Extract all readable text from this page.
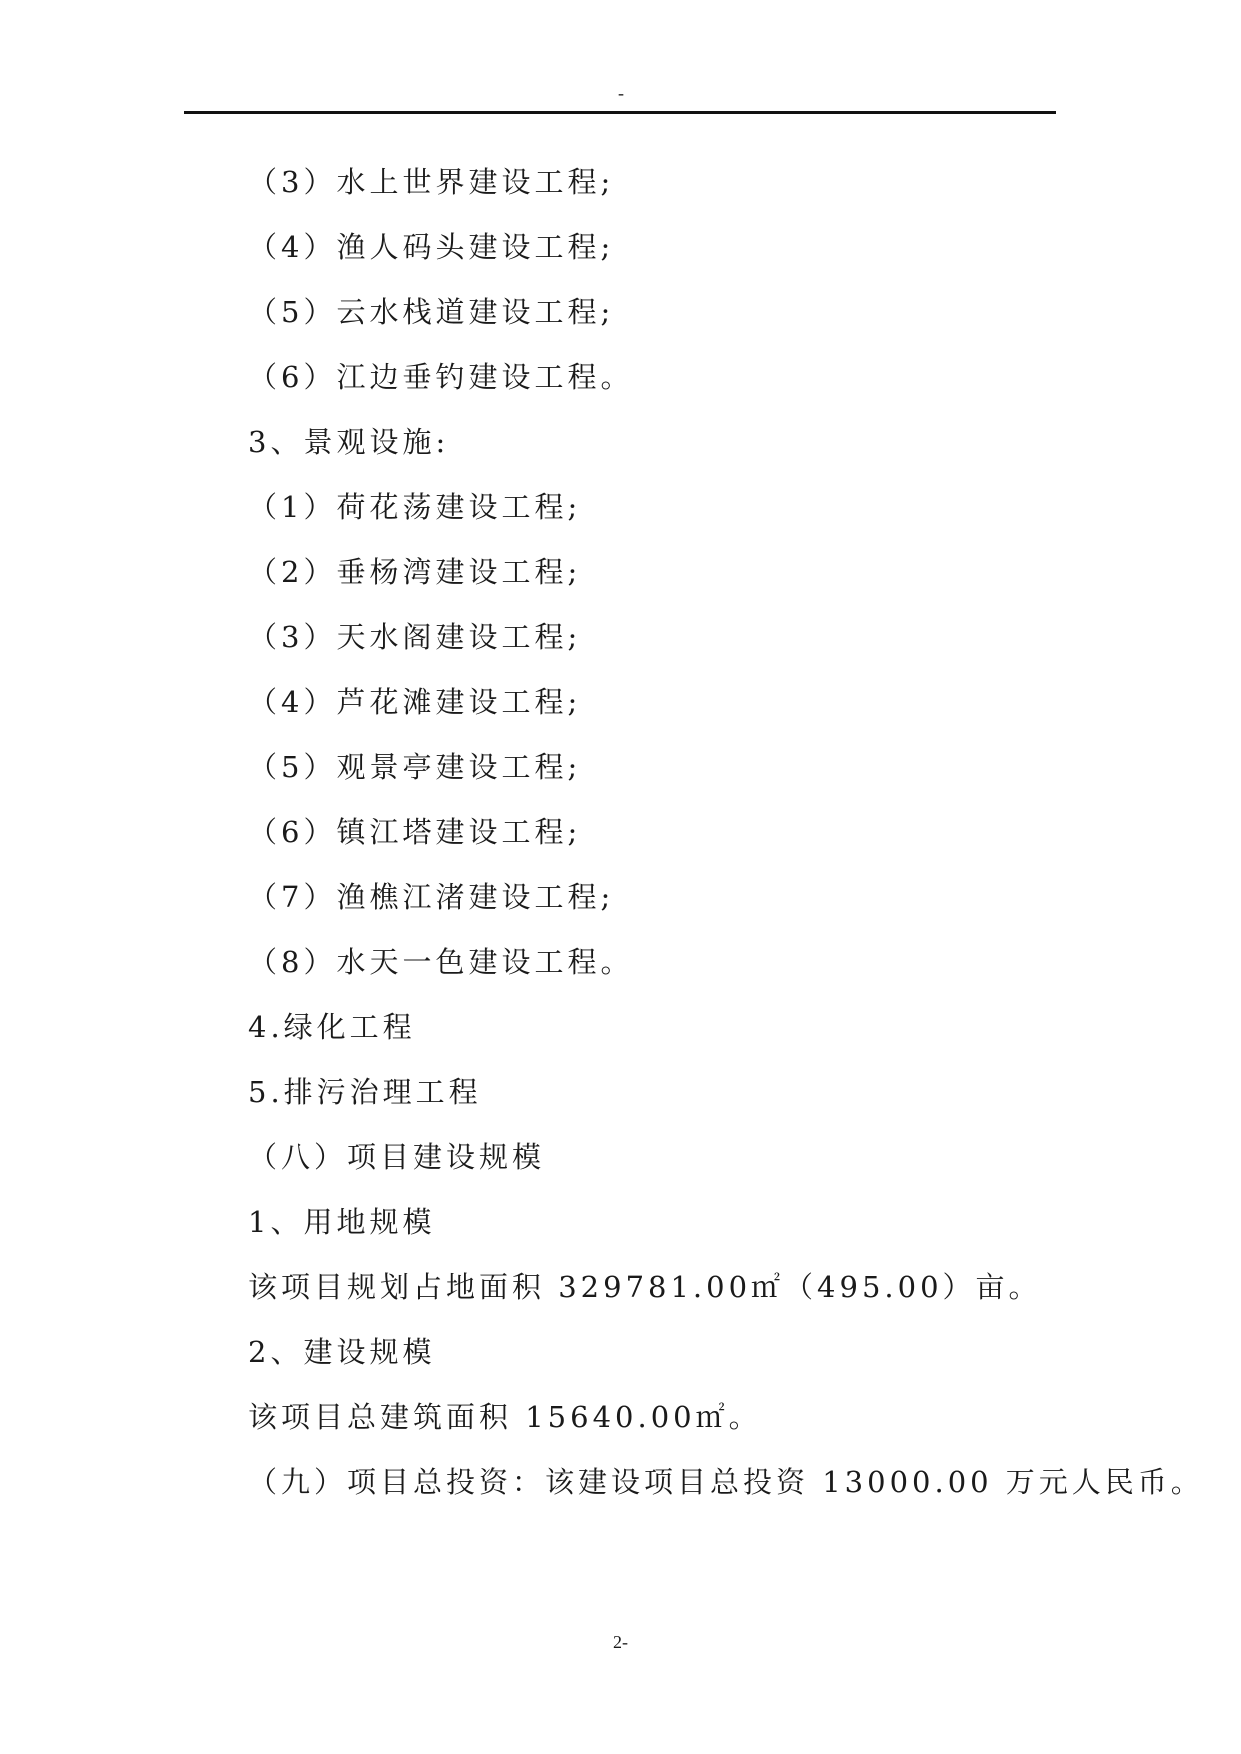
-
（3）水上世界建设工程;
（4）渔人码头建设工程;
（5）云水栈道建设工程;
（6）江边垂钓建设工程。
3、景观设施:
（1）荷花荡建设工程;
（2）垂杨湾建设工程;
（3）天水阁建设工程;
（4）芦花滩建设工程;
（5）观景亭建设工程;
（6）镇江塔建设工程;
（7）渔樵江渚建设工程;
（8）水天一色建设工程。
4.绿化工程
5.排污治理工程
（八）项目建设规模
1、用地规模
该项目规划占地面积 329781.00㎡（495.00）亩。
2、建设规模
该项目总建筑面积 15640.00㎡。
（九）项目总投资：该建设项目总投资 13000.00 万元人民币。
2-
